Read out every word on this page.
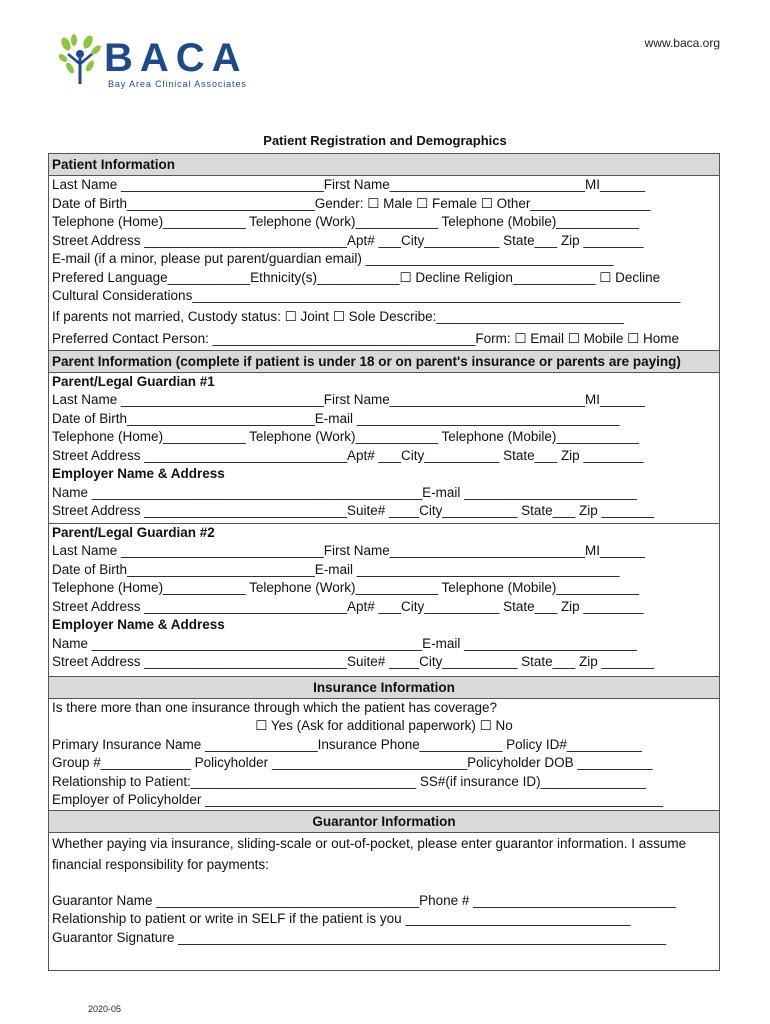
BACA
Bay Area Clinical Associates
www.baca.org
Patient Registration and Demographics
Patient Information
Last Name ___________________________First Name__________________________MI______
Date of Birth_________________________Gender: ☐ Male ☐ Female ☐ Other________________
Telephone (Home)___________ Telephone (Work)___________ Telephone (Mobile)___________
Street Address ___________________________Apt# ___City__________ State___ Zip ________
E-mail (if a minor, please put parent/guardian email) _________________________________
Prefered Language___________Ethnicity(s)___________☐ Decline Religion___________ ☐ Decline
Cultural Considerations_________________________________________________________________
If parents not married, Custody status: ☐ Joint ☐ Sole Describe:_________________________
Preferred Contact Person: ___________________________________Form: ☐ Email ☐ Mobile ☐ Home
Parent Information (complete if patient is under 18 or on parent's insurance or parents are paying)
Parent/Legal Guardian #1
Last Name ___________________________First Name__________________________MI______
Date of Birth_________________________E-mail ___________________________________
Telephone (Home)___________ Telephone (Work)___________ Telephone (Mobile)___________
Street Address ___________________________Apt# ___City__________ State___ Zip ________
Employer Name & Address
Name ____________________________________________E-mail _______________________
Street Address ___________________________Suite# ____City__________ State___ Zip _______
Parent/Legal Guardian #2
Last Name ___________________________First Name__________________________MI______
Date of Birth_________________________E-mail ___________________________________
Telephone (Home)___________ Telephone (Work)___________ Telephone (Mobile)___________
Street Address ___________________________Apt# ___City__________ State___ Zip ________
Employer Name & Address
Name ____________________________________________E-mail _______________________
Street Address ___________________________Suite# ____City__________ State___ Zip _______
Insurance Information
Is there more than one insurance through which the patient has coverage?
☐ Yes (Ask for additional paperwork) ☐ No
Primary Insurance Name _______________Insurance Phone___________ Policy ID#__________
Group #____________ Policyholder __________________________Policyholder DOB __________
Relationship to Patient:______________________________ SS#(if insurance ID)______________
Employer of Policyholder _____________________________________________________________
Guarantor Information
Whether paying via insurance, sliding-scale or out-of-pocket, please enter guarantor information. I assume financial responsibility for payments:
Guarantor Name ___________________________________Phone # ___________________________
Relationship to patient or write in SELF if the patient is you ______________________________
Guarantor Signature _________________________________________________________________
2020-05
